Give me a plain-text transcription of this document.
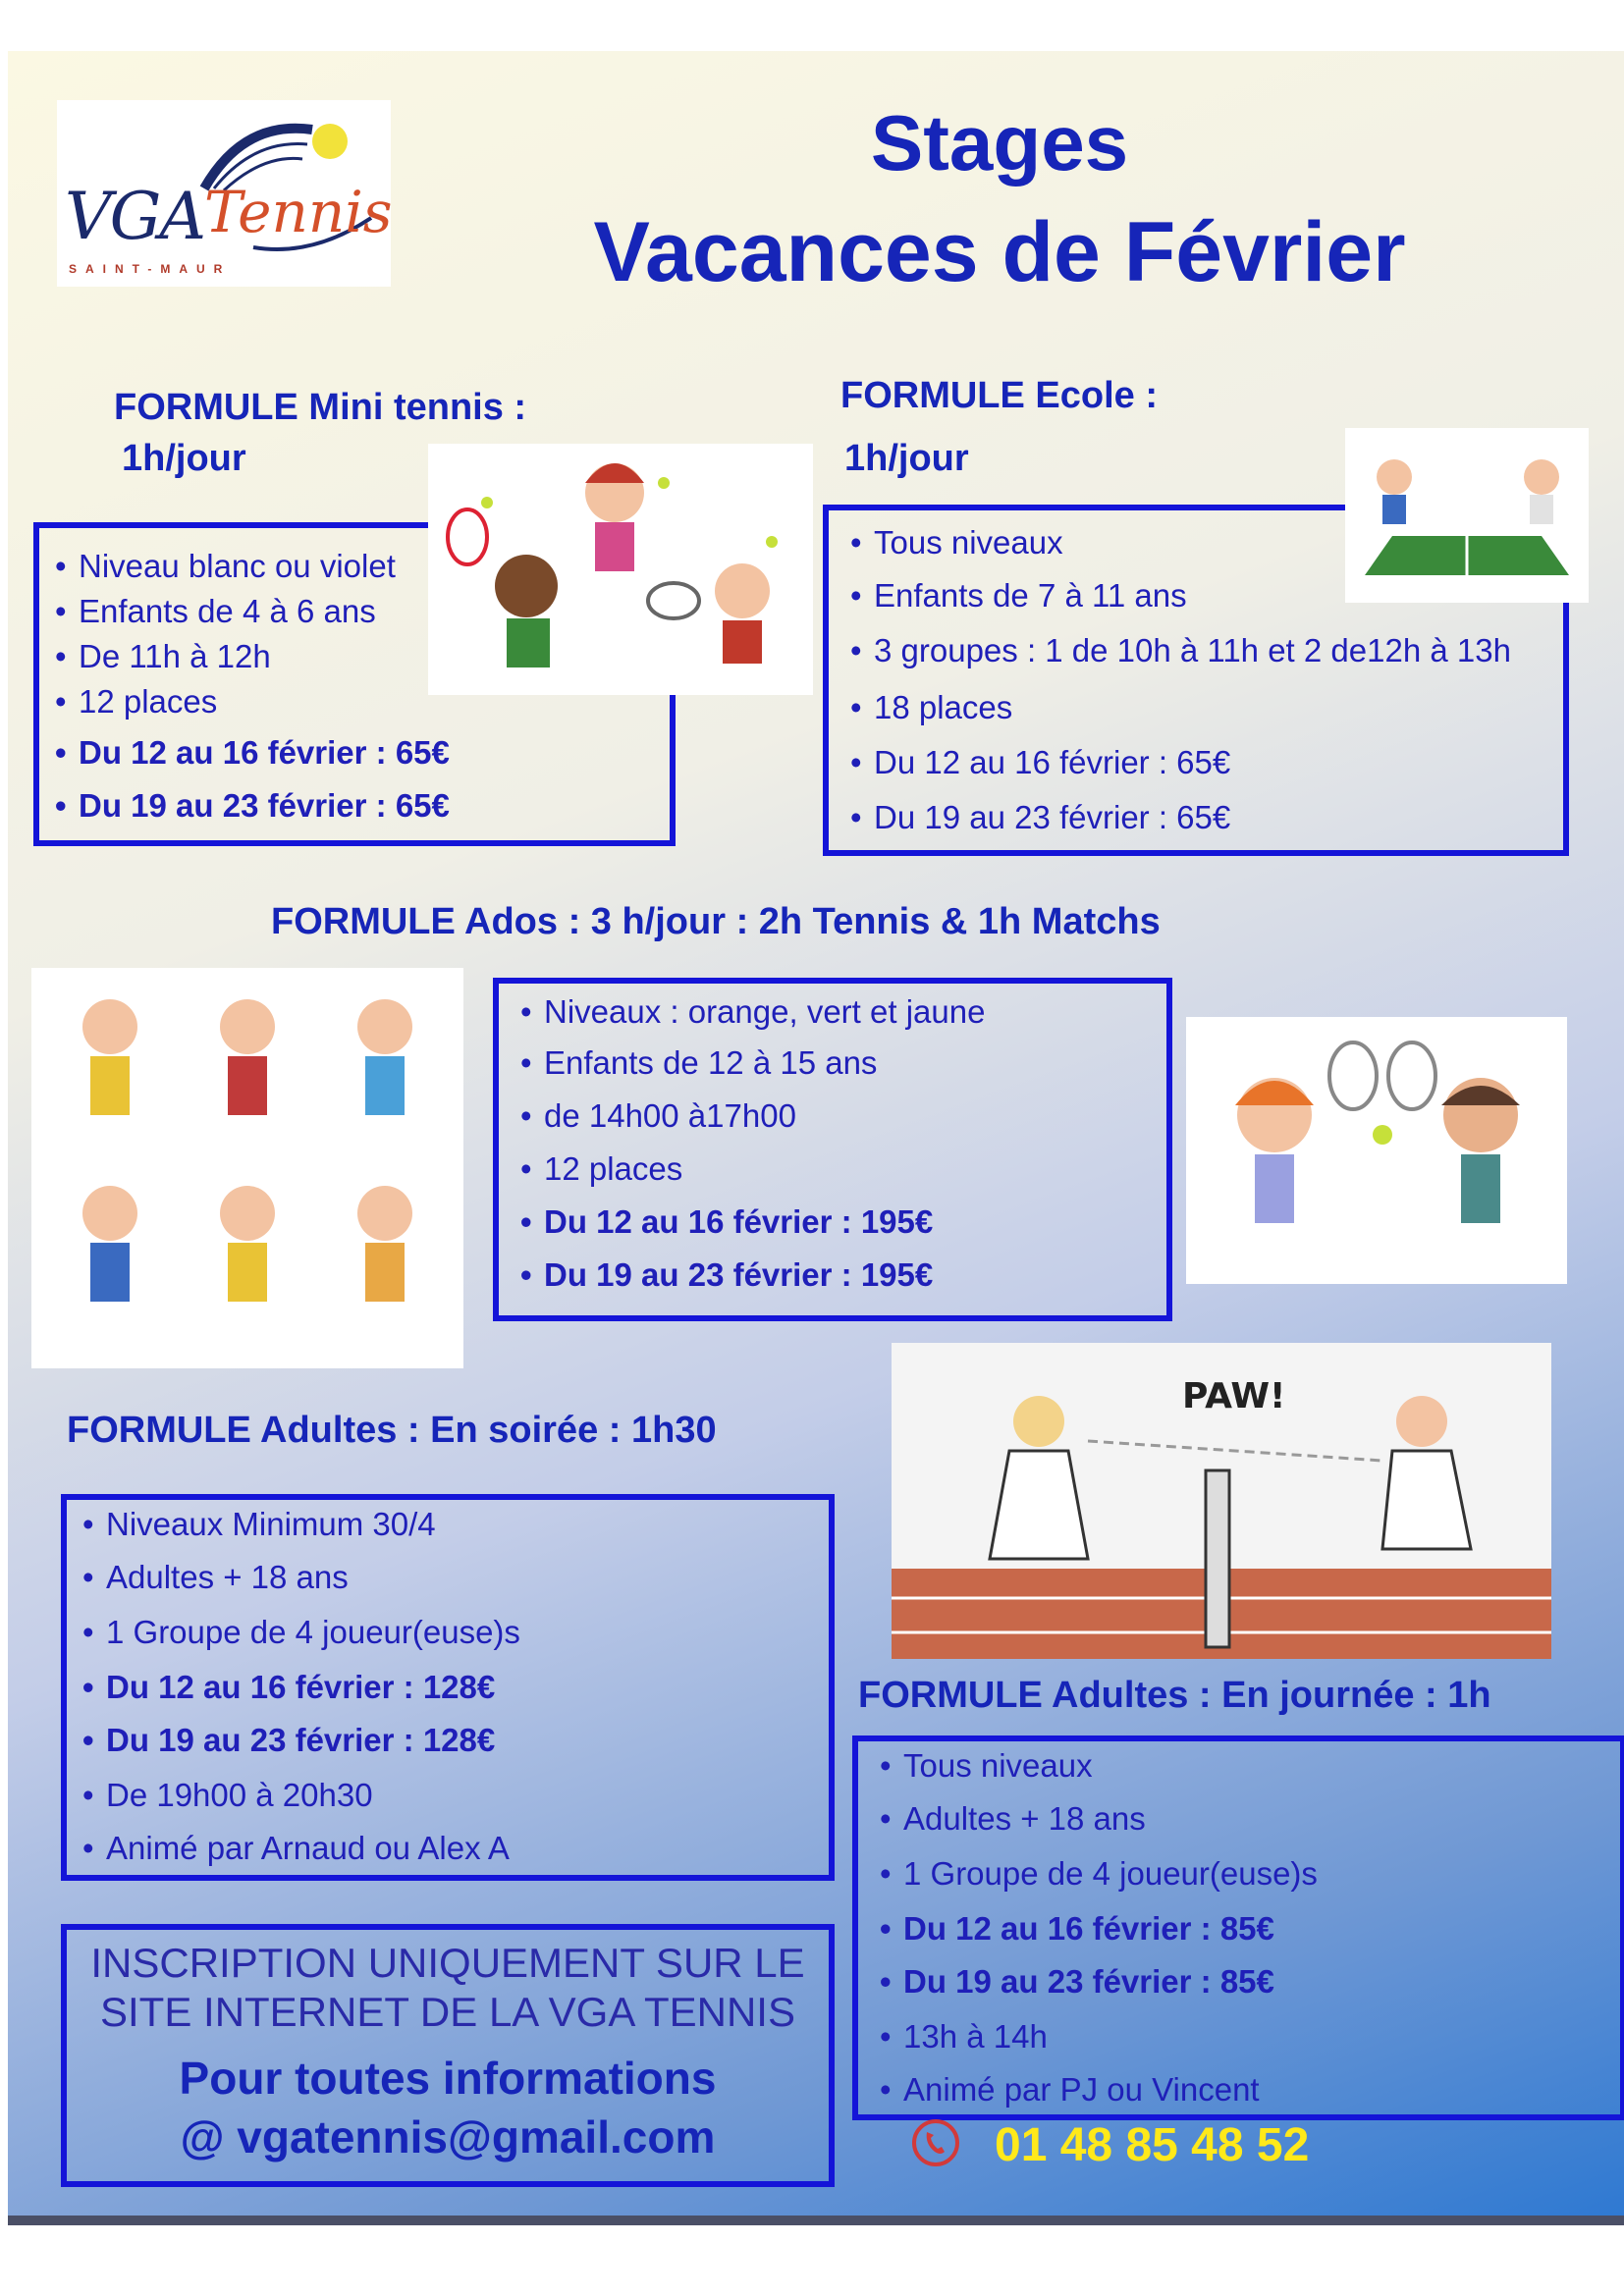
VGA Tennis
SAINT-MAUR
Stages
Vacances de Février
FORMULE Mini tennis :
1h/jour
• Niveau blanc ou violet
• Enfants de 4 à 6 ans
• De 11h à 12h
• 12 places
• Du 12 au 16 février : 65€
• Du 19 au 23 février : 65€
FORMULE Ecole :
1h/jour
• Tous niveaux
• Enfants de 7 à 11 ans
• 3 groupes : 1 de 10h à 11h et 2 de12h à 13h
• 18 places
• Du 12 au 16 février : 65€
• Du 19 au 23 février : 65€
FORMULE Ados : 3 h/jour : 2h Tennis & 1h Matchs
• Niveaux : orange, vert et jaune
• Enfants de 12 à 15 ans
• de 14h00 à17h00
• 12 places
• Du 12 au 16 février : 195€
• Du 19 au 23 février : 195€
FORMULE Adultes : En soirée : 1h30
• Niveaux Minimum 30/4
• Adultes + 18 ans
• 1 Groupe de 4 joueur(euse)s
• Du 12 au 16 février : 128€
• Du 19 au 23 février : 128€
• De 19h00 à 20h30
• Animé par Arnaud ou Alex A
PAW!
FORMULE Adultes : En journée : 1h
• Tous niveaux
• Adultes + 18 ans
• 1 Groupe de 4 joueur(euse)s
• Du 12 au 16 février : 85€
• Du 19 au 23 février : 85€
• 13h à 14h
• Animé par PJ ou Vincent
INSCRIPTION UNIQUEMENT SUR LE
SITE INTERNET DE LA VGA TENNIS
Pour toutes informations
@ vgatennis@gmail.com	01 48 85 48 52
